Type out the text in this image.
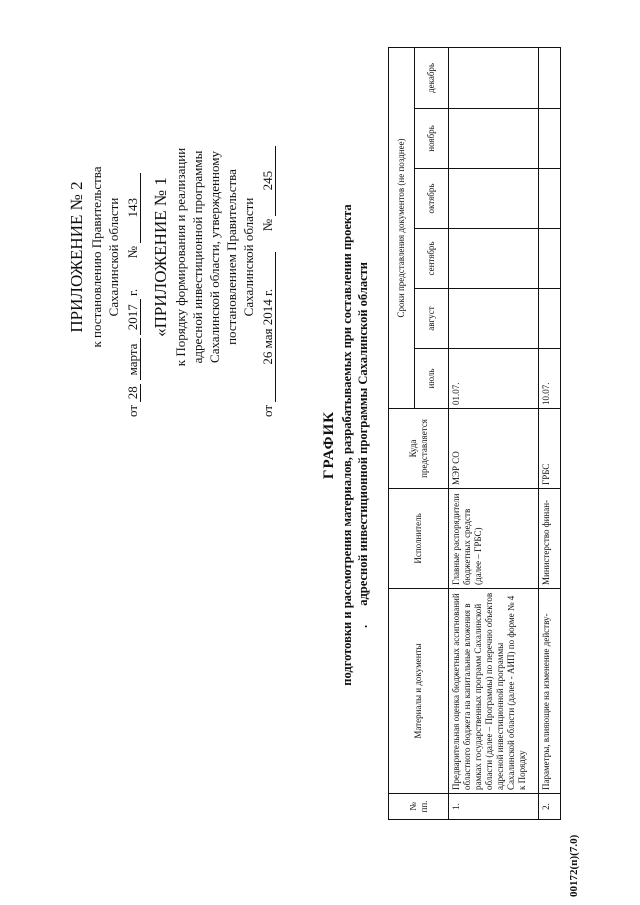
ПРИЛОЖЕНИЕ № 2 к постановлению Правительства Сахалинской области
от 28 марта 2017 г.  № 143 «ПРИЛОЖЕНИЕ № 1 к Порядку формирования и реализации адресной инвестиционной программы Сахалинской области, утвержденному постановлением Правительства Сахалинской области
от 26 мая 2014 г.  № 245
ГРАФИК подготовки и рассмотрения материалов, разрабатываемых при составлении проекта . адресной инвестиционной программы Сахалинской области
№ пп.	Материалы и документы	Исполнитель	Куда представляется	Сроки представления документов (не позднее)					
				июль	август	сентябрь	октябрь	ноябрь	декабрь
1.	Предварительная оценка бюджетных ассигнований областного бюджета на капитальные вложения в рамках государственных программ Сахалинской области (далее – Программы) по перечню объектов адресной инвестиционной программы Сахалинской области (далее - АИП) по форме № 4 к Порядку	Главные распорядители бюджетных средств (далее – ГРБС)	МЭР СО	01.07.					
2.	Параметры, влияющие на изменение действу-	Министерство финан-	ГРБС	10.07.					
00172(п)(7.0)
